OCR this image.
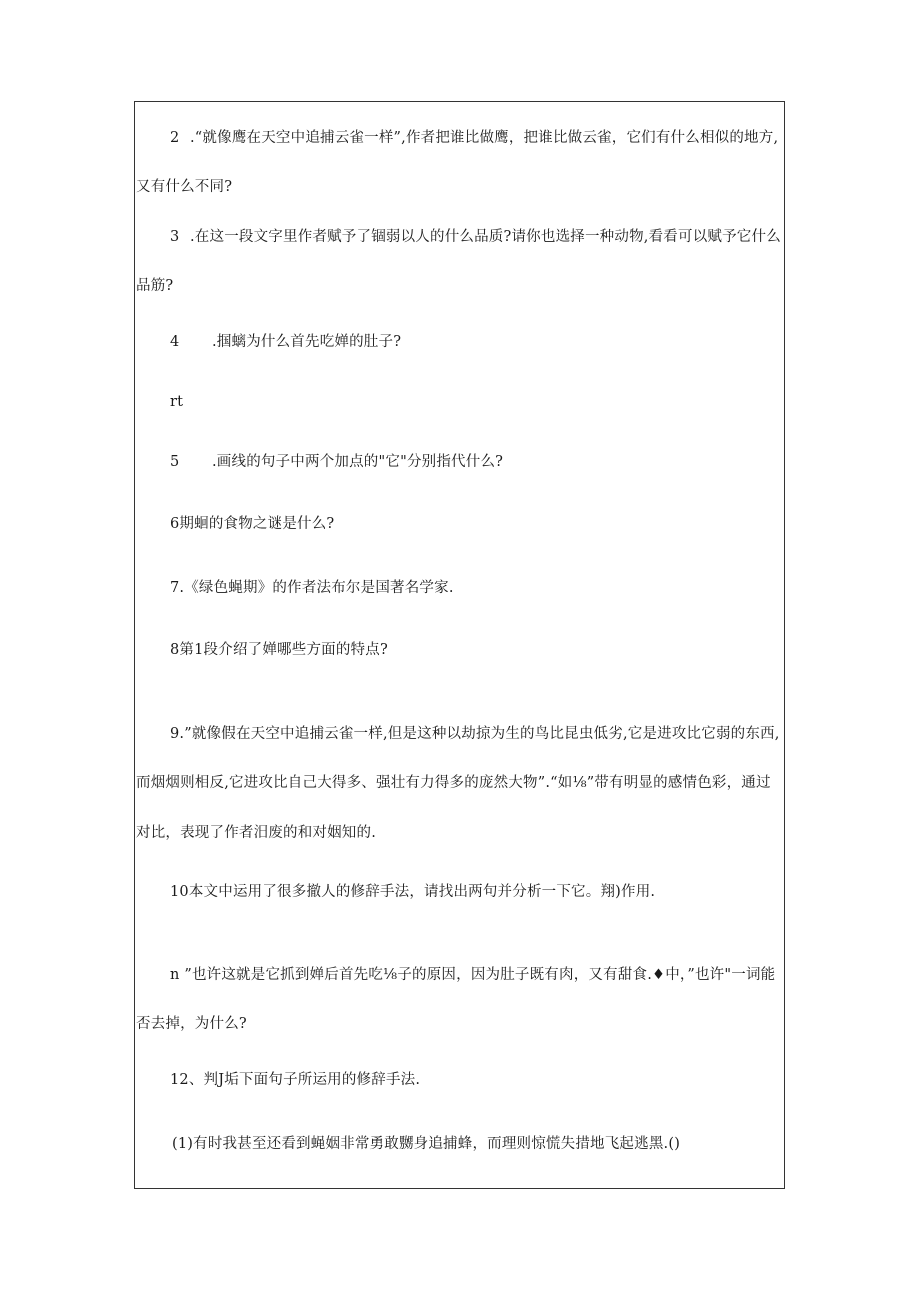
2 .“就像鹰在天空中追捕云雀一样”,作者把谁比做鹰，把谁比做云雀，它们有什么相似的地方,
又有什么不同?
3 .在这一段文字里作者赋予了锢弱以人的什么品质?请你也选择一种动物,看看可以赋予它什么
品筋?
4 .掴螭为什么首先吃婵的肚子?
rt
5 .画线的句子中两个加点的"它"分别指代什么?
6期蛔的食物之谜是什么?
7.《绿色蝇期》的作者法布尔是国著名学家.
8第1段介绍了婵哪些方面的特点?
9.”就像假在天空中追捕云雀一样,但是这种以劫掠为生的鸟比昆虫低劣,它是进攻比它弱的东西,
而烟烟则相反,它进攻比自己大得多、强壮有力得多的庞然大物”.“如⅛”带有明显的感情色彩，通过
对比，表现了作者汨废的和对姻知的.
10本文中运用了很多撤人的修辞手法，请找出两句并分析一下它。翔)作用.
n ”也许这就是它抓到婵后首先吃⅛子的原因，因为肚子既有肉，又有甜食.♦中，”也许"一词能
否去掉，为什么?
12、判J垢下面句子所运用的修辞手法.
(1)有时我甚至还看到蝇姻非常勇敢嬲身追捕蜂，而理则惊慌失措地飞起逃黑.()
